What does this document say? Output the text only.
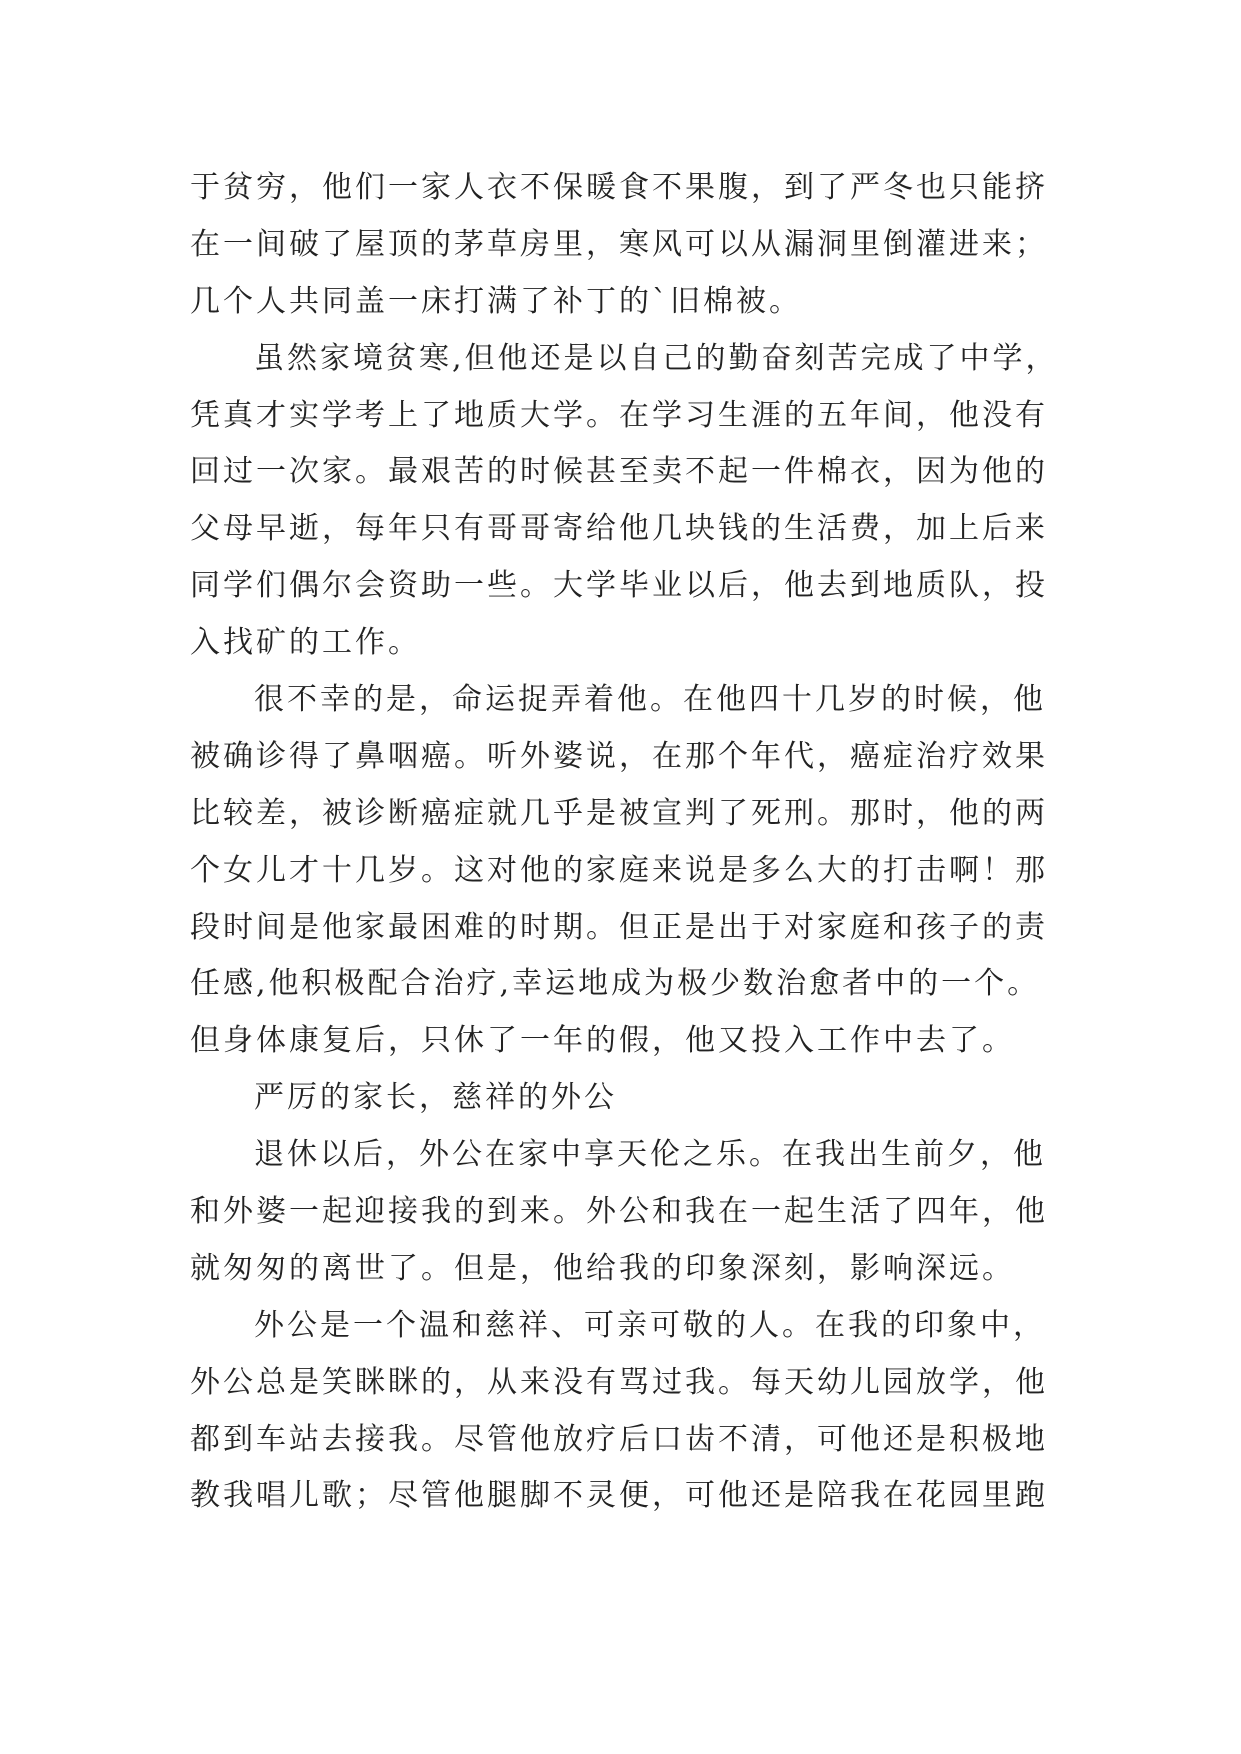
于贫穷，他们一家人衣不保暖食不果腹，到了严冬也只能挤
在一间破了屋顶的茅草房里，寒风可以从漏洞里倒灌进来；
几个人共同盖一床打满了补丁的`旧棉被。
虽然家境贫寒,但他还是以自己的勤奋刻苦完成了中学，
凭真才实学考上了地质大学。在学习生涯的五年间，他没有
回过一次家。最艰苦的时候甚至卖不起一件棉衣，因为他的
父母早逝，每年只有哥哥寄给他几块钱的生活费，加上后来
同学们偶尔会资助一些。大学毕业以后，他去到地质队，投
入找矿的工作。
很不幸的是，命运捉弄着他。在他四十几岁的时候，他
被确诊得了鼻咽癌。听外婆说，在那个年代，癌症治疗效果
比较差，被诊断癌症就几乎是被宣判了死刑。那时，他的两
个女儿才十几岁。这对他的家庭来说是多么大的打击啊！那
段时间是他家最困难的时期。但正是出于对家庭和孩子的责
任感,他积极配合治疗,幸运地成为极少数治愈者中的一个。
但身体康复后，只休了一年的假，他又投入工作中去了。
严厉的家长，慈祥的外公
退休以后，外公在家中享天伦之乐。在我出生前夕，他
和外婆一起迎接我的到来。外公和我在一起生活了四年，他
就匆匆的离世了。但是，他给我的印象深刻，影响深远。
外公是一个温和慈祥、可亲可敬的人。在我的印象中，
外公总是笑眯眯的，从来没有骂过我。每天幼儿园放学，他
都到车站去接我。尽管他放疗后口齿不清，可他还是积极地
教我唱儿歌；尽管他腿脚不灵便，可他还是陪我在花园里跑
